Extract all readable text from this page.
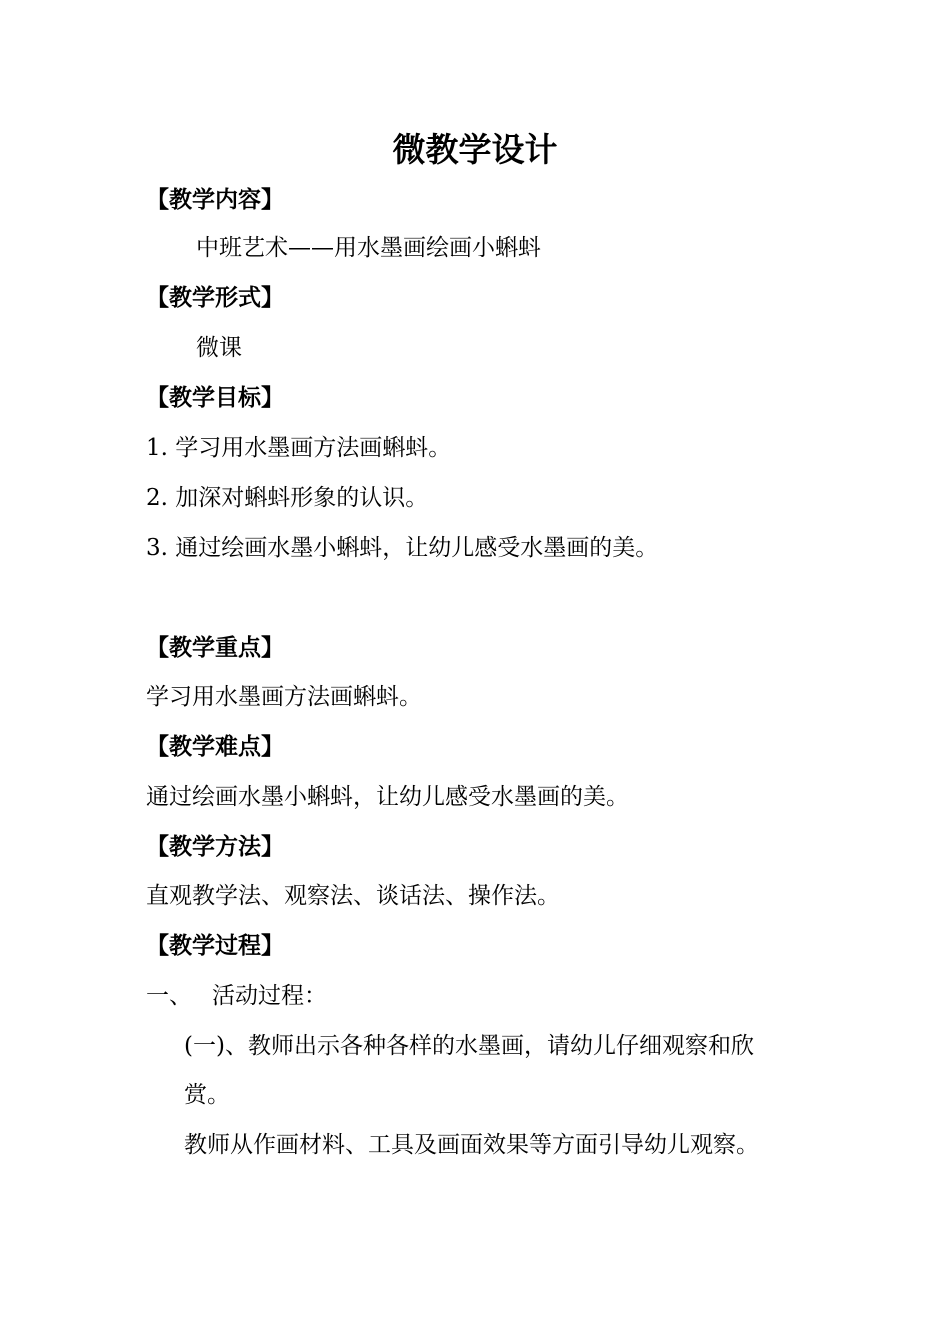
微教学设计
【教学内容】
中班艺术——用水墨画绘画小蝌蚪
【教学形式】
微课
【教学目标】
1. 学习用水墨画方法画蝌蚪。
2. 加深对蝌蚪形象的认识。
3. 通过绘画水墨小蝌蚪，让幼儿感受水墨画的美。
【教学重点】
学习用水墨画方法画蝌蚪。
【教学难点】
通过绘画水墨小蝌蚪，让幼儿感受水墨画的美。
【教学方法】
直观教学法、观察法、谈话法、操作法。
【教学过程】
一、 活动过程：
(一)、教师出示各种各样的水墨画，请幼儿仔细观察和欣
赏。
教师从作画材料、工具及画面效果等方面引导幼儿观察。
